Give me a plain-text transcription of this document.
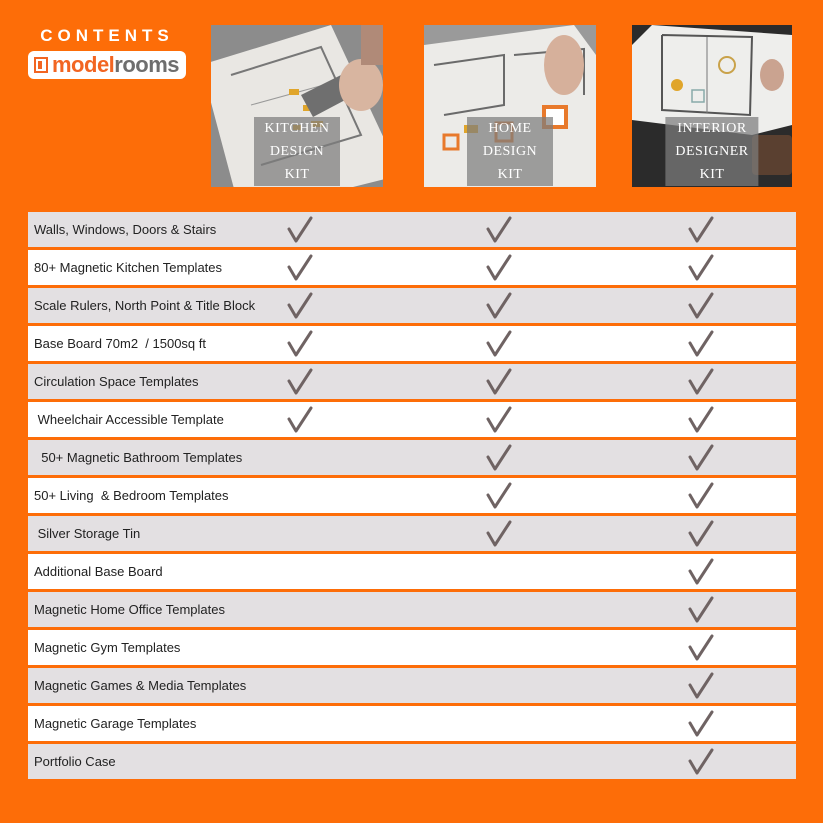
CONTENTS
model rooms
KITCHEN
DESIGN KIT
HOME
DESIGN KIT
INTERIOR
DESIGNER KIT
Walls, Windows, Doors & Stairs
80+ Magnetic Kitchen Templates
Scale Rulers, North Point & Title Block
Base Board 70m2  / 1500sq ft
Circulation Space Templates
Wheelchair Accessible Template
50+ Magnetic Bathroom Templates
50+ Living  & Bedroom Templates
Silver Storage Tin
Additional Base Board
Magnetic Home Office Templates
Magnetic Gym Templates
Magnetic Games & Media Templates
Magnetic Garage Templates
Portfolio Case
